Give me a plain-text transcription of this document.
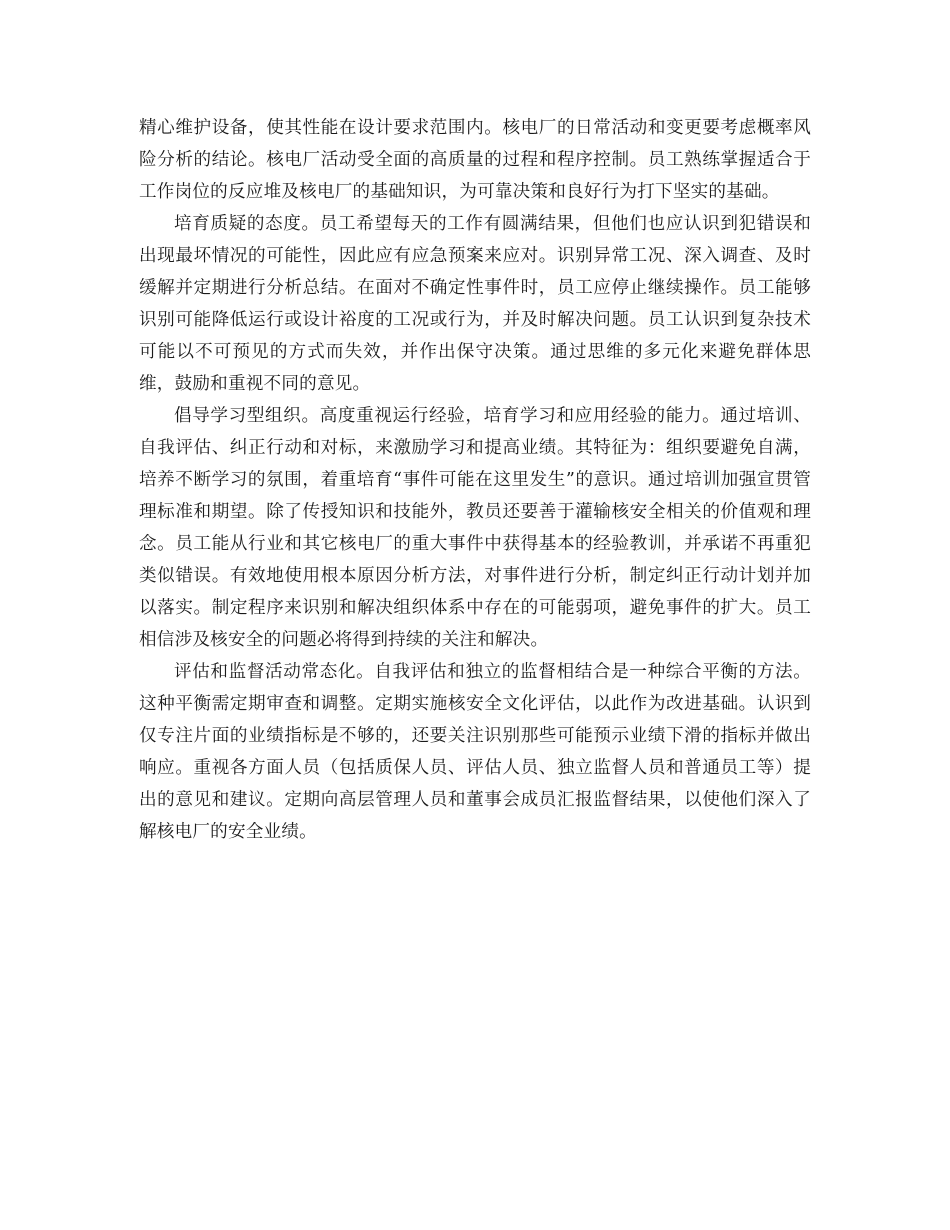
精心维护设备，使其性能在设计要求范围内。核电厂的日常活动和变更要考虑概率风险分析的结论。核电厂活动受全面的高质量的过程和程序控制。员工熟练掌握适合于工作岗位的反应堆及核电厂的基础知识，为可靠决策和良好行为打下坚实的基础。

培育质疑的态度。员工希望每天的工作有圆满结果，但他们也应认识到犯错误和出现最坏情况的可能性，因此应有应急预案来应对。识别异常工况、深入调查、及时缓解并定期进行分析总结。在面对不确定性事件时，员工应停止继续操作。员工能够识别可能降低运行或设计裕度的工况或行为，并及时解决问题。员工认识到复杂技术可能以不可预见的方式而失效，并作出保守决策。通过思维的多元化来避免群体思维，鼓励和重视不同的意见。

倡导学习型组织。高度重视运行经验，培育学习和应用经验的能力。通过培训、自我评估、纠正行动和对标，来激励学习和提高业绩。其特征为：组织要避免自满，培养不断学习的氛围，着重培育“事件可能在这里发生”的意识。通过培训加强宣贯管理标准和期望。除了传授知识和技能外，教员还要善于灌输核安全相关的价值观和理念。员工能从行业和其它核电厂的重大事件中获得基本的经验教训，并承诺不再重犯类似错误。有效地使用根本原因分析方法，对事件进行分析，制定纠正行动计划并加以落实。制定程序来识别和解决组织体系中存在的可能弱项，避免事件的扩大。员工相信涉及核安全的问题必将得到持续的关注和解决。

评估和监督活动常态化。自我评估和独立的监督相结合是一种综合平衡的方法。这种平衡需定期审查和调整。定期实施核安全文化评估，以此作为改进基础。认识到仅专注片面的业绩指标是不够的，还要关注识别那些可能预示业绩下滑的指标并做出响应。重视各方面人员（包括质保人员、评估人员、独立监督人员和普通员工等）提出的意见和建议。定期向高层管理人员和董事会成员汇报监督结果，以使他们深入了解核电厂的安全业绩。
